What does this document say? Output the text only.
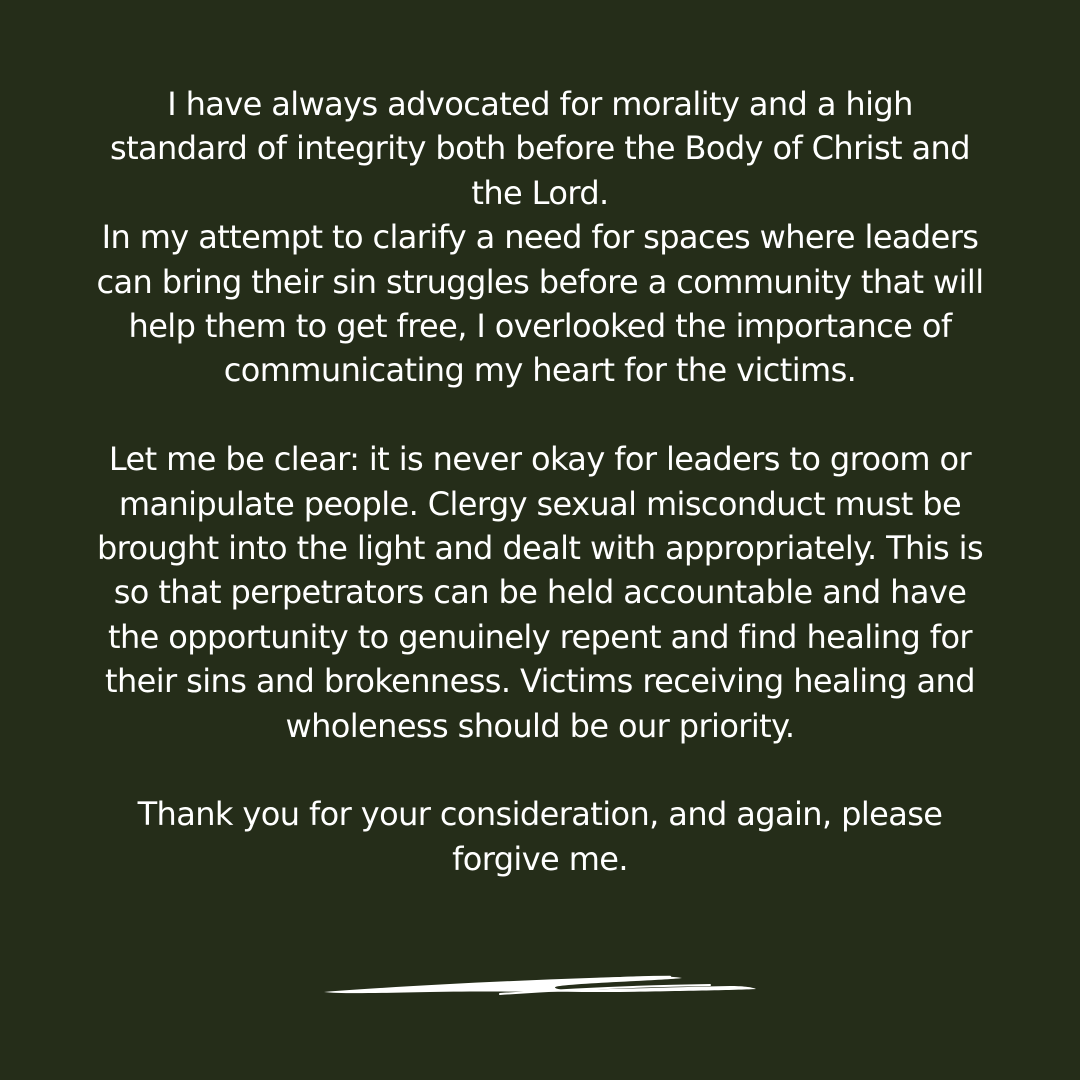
I have always advocated for morality and a high
standard of integrity both before the Body of Christ and
the Lord.
In my attempt to clarify a need for spaces where leaders
can bring their sin struggles before a community that will
help them to get free, I overlooked the importance of
communicating my heart for the victims.
Let me be clear: it is never okay for leaders to groom or
manipulate people. Clergy sexual misconduct must be
brought into the light and dealt with appropriately. This is
so that perpetrators can be held accountable and have
the opportunity to genuinely repent and find healing for
their sins and brokenness. Victims receiving healing and
wholeness should be our priority.
Thank you for your consideration, and again, please
forgive me.
